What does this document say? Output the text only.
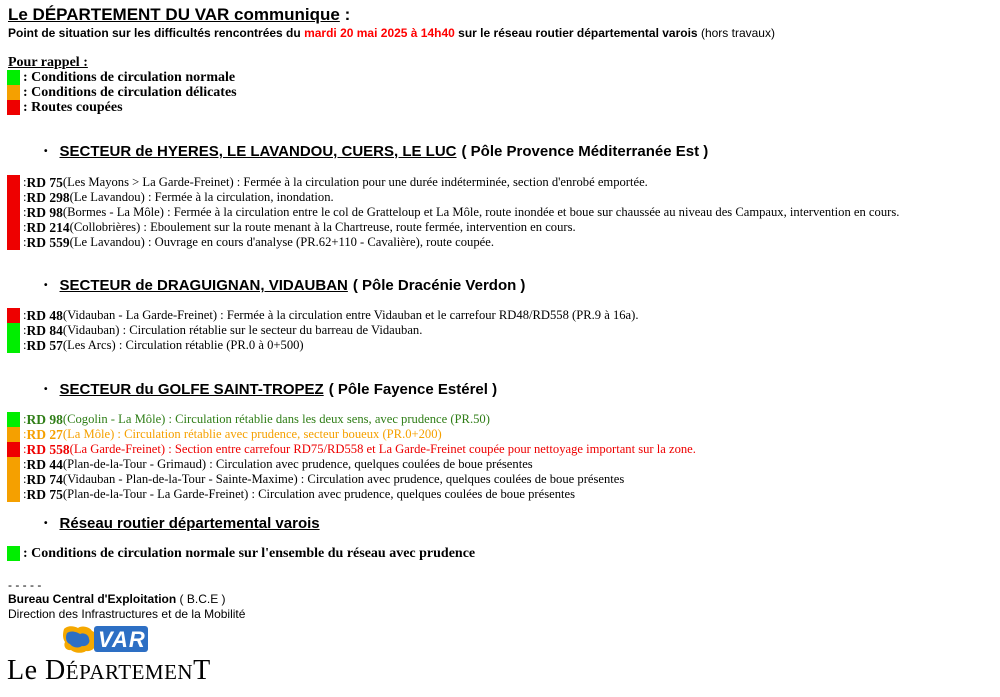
Le DÉPARTEMENT DU VAR communique :
Point de situation sur les difficultés rencontrées du mardi 20 mai 2025 à 14h40 sur le réseau routier départemental varois (hors travaux)
Pour rappel :
: Conditions de circulation normale
: Conditions de circulation délicates
: Routes coupées
• SECTEUR de HYERES, LE LAVANDOU, CUERS, LE LUC ( Pôle Provence Méditerranée Est )
: RD 75 (Les Mayons > La Garde-Freinet) : Fermée à la circulation pour une durée indéterminée, section d'enrobé emportée.
: RD 298 (Le Lavandou) : Fermée à la circulation, inondation.
: RD 98 (Bormes - La Môle) : Fermée à la circulation entre le col de Gratteloup et La Môle, route inondée et boue sur chaussée au niveau des Campaux, intervention en cours.
: RD 214 (Collobrières) : Eboulement sur la route menant à la Chartreuse, route fermée, intervention en cours.
: RD 559 (Le Lavandou) : Ouvrage en cours d'analyse (PR.62+110 - Cavalière), route coupée.
• SECTEUR de DRAGUIGNAN, VIDAUBAN ( Pôle Dracénie Verdon )
: RD 48 (Vidauban - La Garde-Freinet) : Fermée à la circulation entre Vidauban et le carrefour RD48/RD558 (PR.9 à 16a).
: RD 84 (Vidauban) : Circulation rétablie sur le secteur du barreau de Vidauban.
: RD 57 (Les Arcs) : Circulation rétablie (PR.0 à 0+500)
• SECTEUR du GOLFE SAINT-TROPEZ ( Pôle Fayence Estérel )
: RD 98 (Cogolin - La Môle) : Circulation rétablie dans les deux sens, avec prudence (PR.50)
: RD 27 (La Môle) : Circulation rétablie avec prudence, secteur boueux (PR.0+200)
: RD 558 (La Garde-Freinet) : Section entre carrefour RD75/RD558 et La Garde-Freinet coupée pour nettoyage important sur la zone.
: RD 44 (Plan-de-la-Tour - Grimaud) : Circulation avec prudence, quelques coulées de boue présentes
: RD 74 (Vidauban - Plan-de-la-Tour - Sainte-Maxime) : Circulation avec prudence, quelques coulées de boue présentes
: RD 75 (Plan-de-la-Tour - La Garde-Freinet) : Circulation avec prudence, quelques coulées de boue présentes
• Réseau routier départemental varois
: Conditions de circulation normale sur l'ensemble du réseau avec prudence
- - - - -
Bureau Central d'Exploitation ( B.C.E )
Direction des Infrastructures et de la Mobilité
VAR
Le DÉPARTEMENT
